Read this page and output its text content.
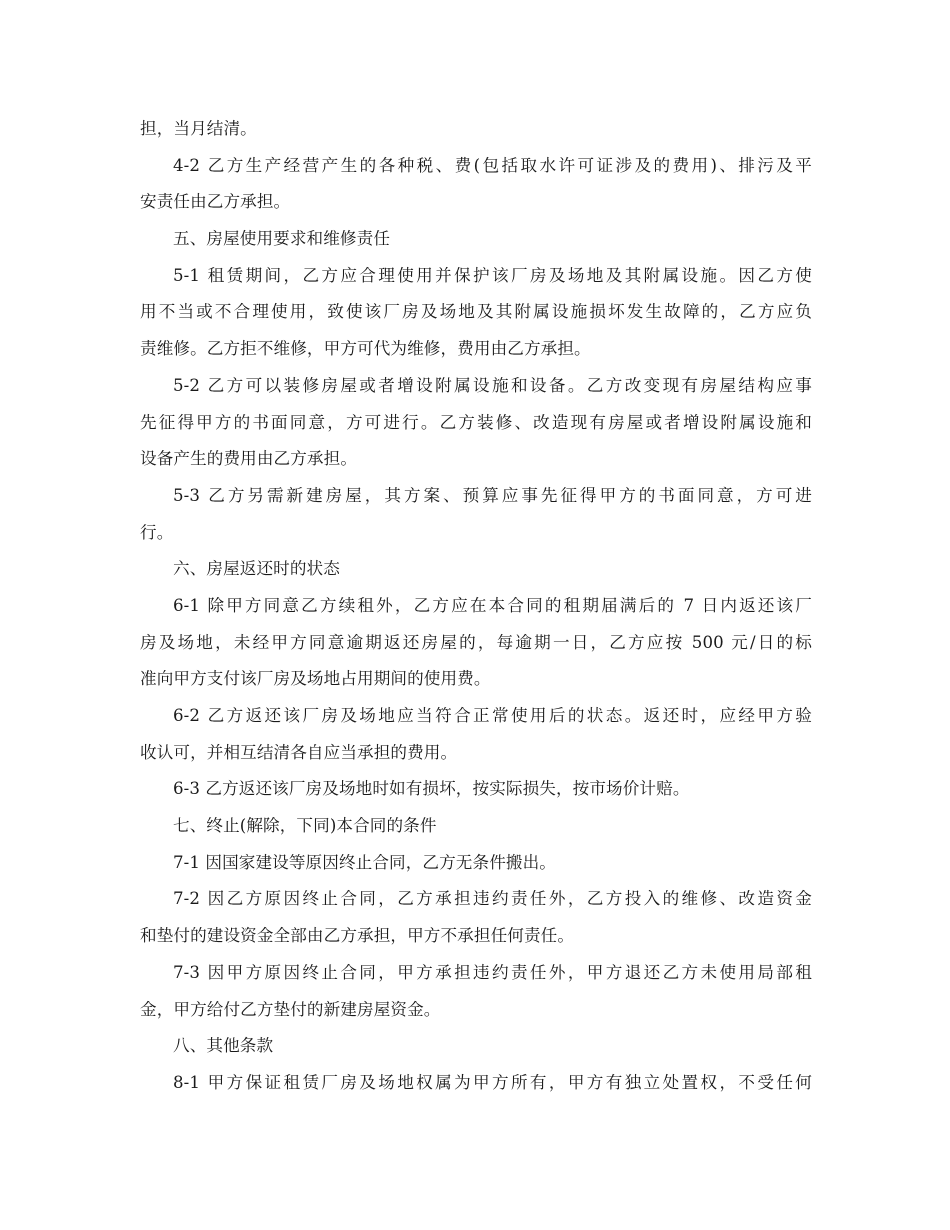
担，当月结清。
4-2 乙方生产经营产生的各种税、费(包括取水许可证涉及的费用)、排污及平
安责任由乙方承担。
五、房屋使用要求和维修责任
5-1 租赁期间，乙方应合理使用并保护该厂房及场地及其附属设施。因乙方使
用不当或不合理使用，致使该厂房及场地及其附属设施损坏发生故障的，乙方应负
责维修。乙方拒不维修，甲方可代为维修，费用由乙方承担。
5-2 乙方可以装修房屋或者增设附属设施和设备。乙方改变现有房屋结构应事
先征得甲方的书面同意，方可进行。乙方装修、改造现有房屋或者增设附属设施和
设备产生的费用由乙方承担。
5-3 乙方另需新建房屋，其方案、预算应事先征得甲方的书面同意，方可进
行。
六、房屋返还时的状态
6-1 除甲方同意乙方续租外，乙方应在本合同的租期届满后的 7 日内返还该厂
房及场地，未经甲方同意逾期返还房屋的，每逾期一日，乙方应按 500 元/日的标
准向甲方支付该厂房及场地占用期间的使用费。
6-2 乙方返还该厂房及场地应当符合正常使用后的状态。返还时，应经甲方验
收认可，并相互结清各自应当承担的费用。
6-3 乙方返还该厂房及场地时如有损坏，按实际损失，按市场价计赔。
七、终止(解除，下同)本合同的条件
7-1 因国家建设等原因终止合同，乙方无条件搬出。
7-2 因乙方原因终止合同，乙方承担违约责任外，乙方投入的维修、改造资金
和垫付的建设资金全部由乙方承担，甲方不承担任何责任。
7-3 因甲方原因终止合同，甲方承担违约责任外，甲方退还乙方未使用局部租
金，甲方给付乙方垫付的新建房屋资金。
八、其他条款
8-1 甲方保证租赁厂房及场地权属为甲方所有，甲方有独立处置权，不受任何
